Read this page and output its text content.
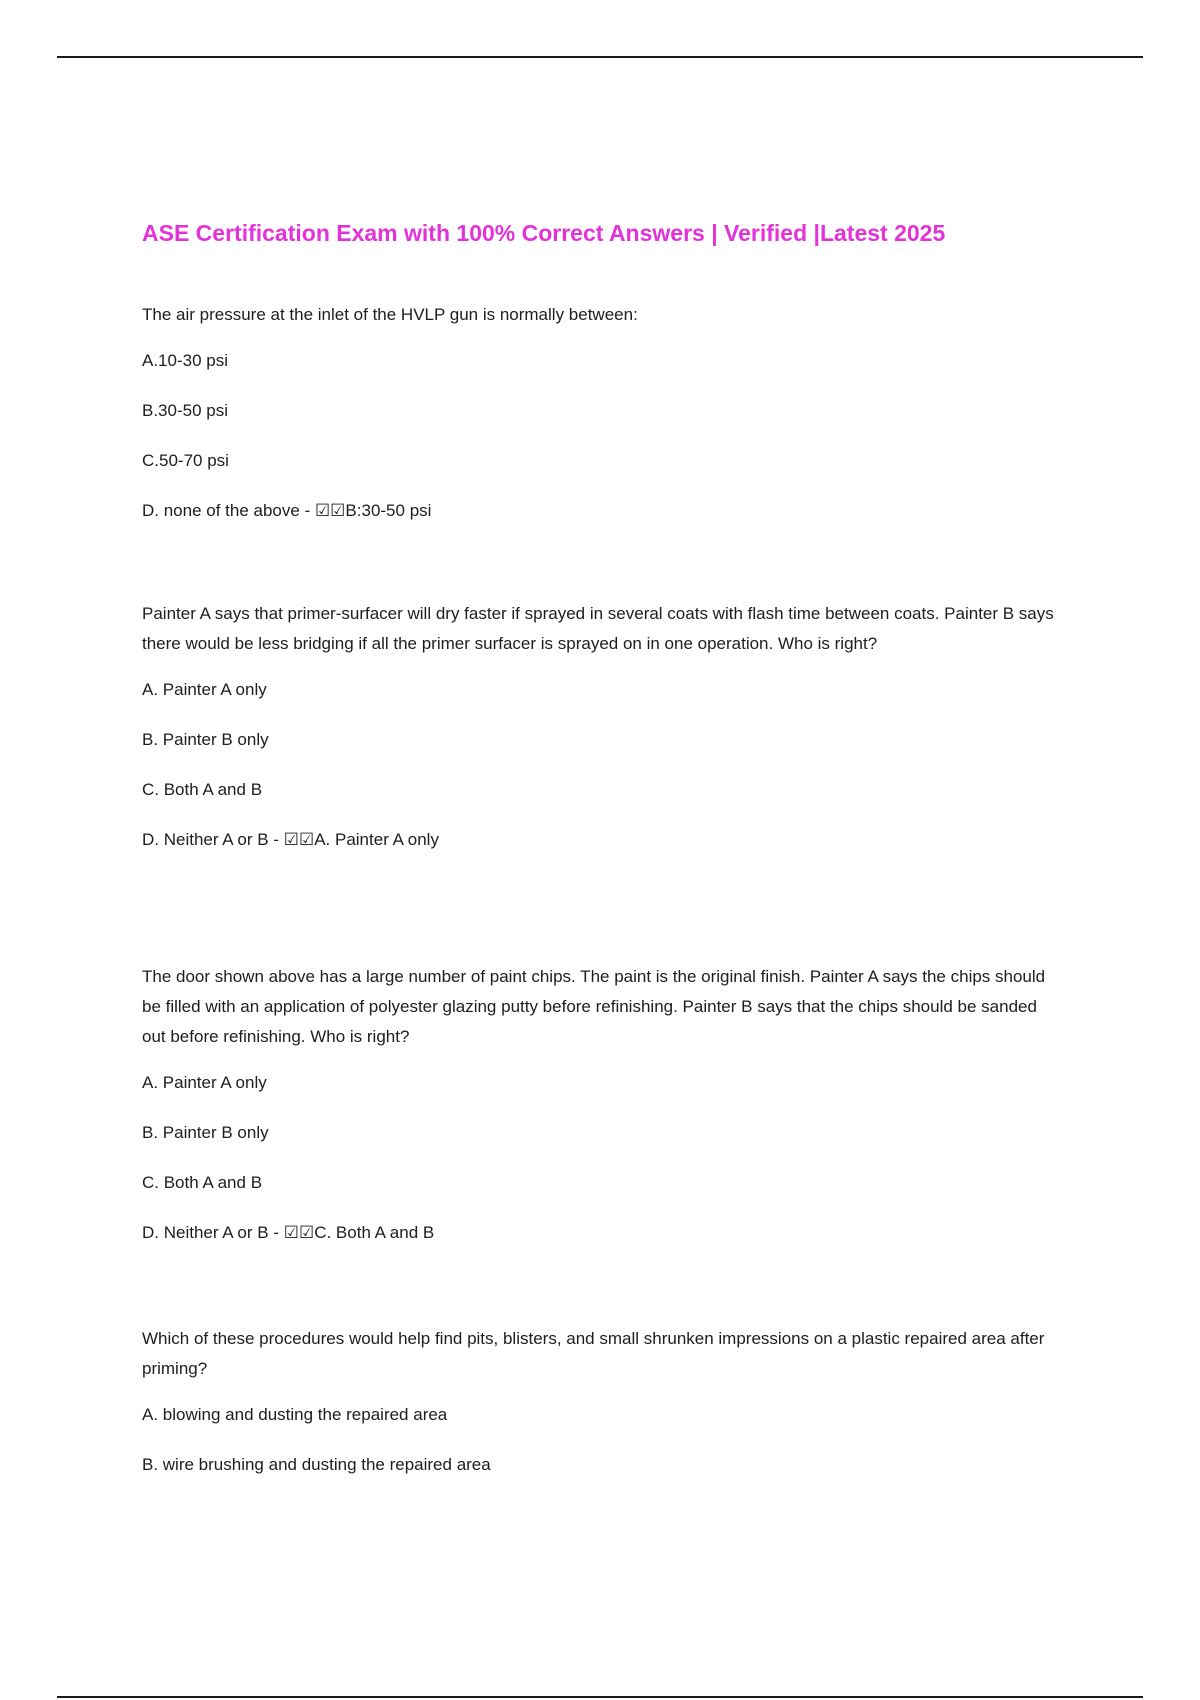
ASE Certification Exam with 100% Correct Answers | Verified |Latest 2025

The air pressure at the inlet of the HVLP gun is normally between:

A.10-30 psi

B.30-50 psi

C.50-70 psi

D. none of the above - ☑☑B:30-50 psi

Painter A says that primer-surfacer will dry faster if sprayed in several coats with flash time between coats. Painter B says there would be less bridging if all the primer surfacer is sprayed on in one operation. Who is right?

A. Painter A only

B. Painter B only

C. Both A and B

D. Neither A or B - ☑☑A. Painter A only

The door shown above has a large number of paint chips. The paint is the original finish. Painter A says the chips should be filled with an application of polyester glazing putty before refinishing. Painter B says that the chips should be sanded out before refinishing. Who is right?

A. Painter A only

B. Painter B only

C. Both A and B

D. Neither A or B - ☑☑C. Both A and B

Which of these procedures would help find pits, blisters, and small shrunken impressions on a plastic repaired area after priming?

A. blowing and dusting the repaired area

B. wire brushing and dusting the repaired area
